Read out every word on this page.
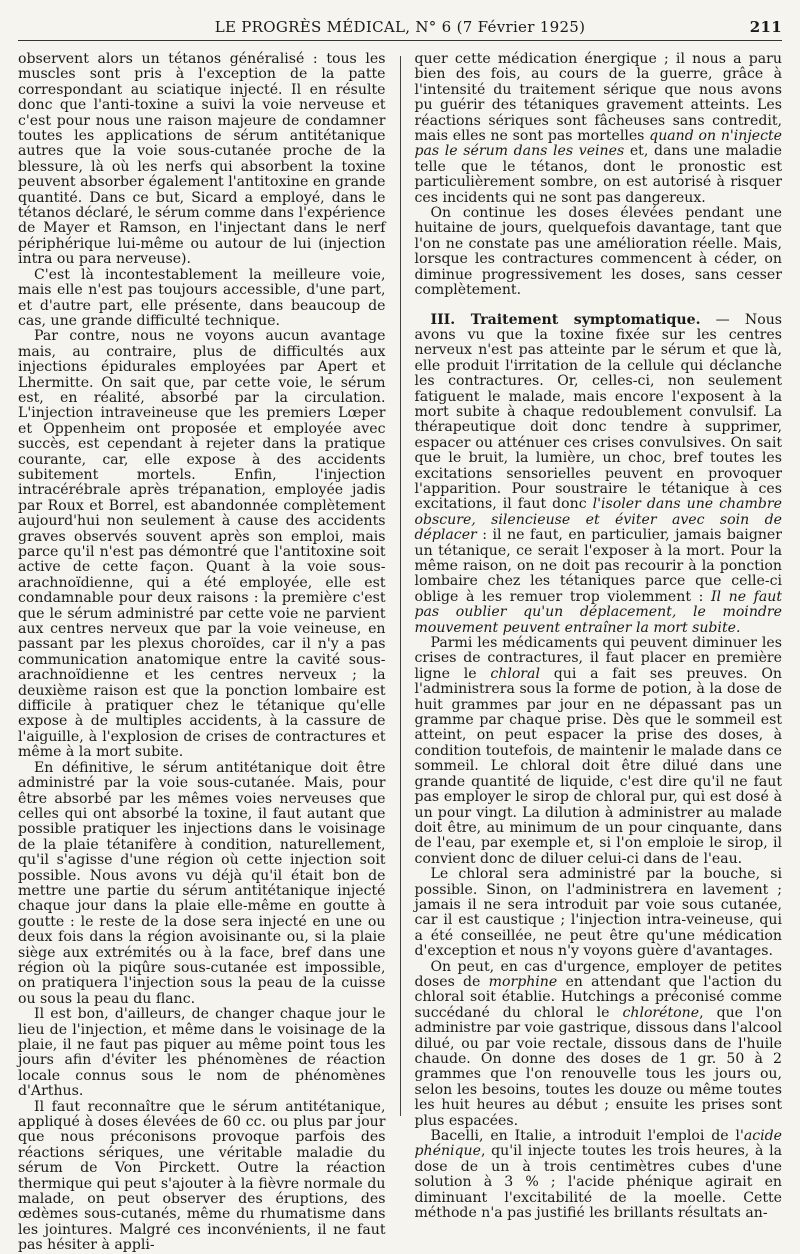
LE PROGRÈS MÉDICAL, N° 6 (7 Février 1925)	211

observent alors un tétanos généralisé : tous les muscles sont pris à l'exception de la patte correspondant au sciatique injecté. Il en résulte donc que l'anti-toxine a suivi la voie nerveuse et c'est pour nous une raison majeure de condamner toutes les applications de sérum antitétanique autres que la voie sous-cutanée proche de la blessure, là où les nerfs qui absorbent la toxine peuvent absorber également l'antitoxine en grande quantité. Dans ce but, Sicard a employé, dans le tétanos déclaré, le sérum comme dans l'expérience de Mayer et Ramson, en l'injectant dans le nerf périphérique lui-même ou autour de lui (injection intra ou para nerveuse).

C'est là incontestablement la meilleure voie, mais elle n'est pas toujours accessible, d'une part, et d'autre part, elle présente, dans beaucoup de cas, une grande difficulté technique.

Par contre, nous ne voyons aucun avantage mais, au contraire, plus de difficultés aux injections épidurales employées par Apert et Lhermitte. On sait que, par cette voie, le sérum est, en réalité, absorbé par la circulation. L'injection intraveineuse que les premiers Lœper et Oppenheim ont proposée et employée avec succès, est cependant à rejeter dans la pratique courante, car, elle expose à des accidents subitement mortels. Enfin, l'injection intracérébrale après trépanation, employée jadis par Roux et Borrel, est abandonnée complètement aujourd'hui non seulement à cause des accidents graves observés souvent après son emploi, mais parce qu'il n'est pas démontré que l'antitoxine soit active de cette façon. Quant à la voie sous-arachnoïdienne, qui a été employée, elle est condamnable pour deux raisons : la première c'est que le sérum administré par cette voie ne parvient aux centres nerveux que par la voie veineuse, en passant par les plexus choroïdes, car il n'y a pas communication anatomique entre la cavité sous-arachnoïdienne et les centres nerveux ; la deuxième raison est que la ponction lombaire est difficile à pratiquer chez le tétanique qu'elle expose à de multiples accidents, à la cassure de l'aiguille, à l'explosion de crises de contractures et même à la mort subite.

En définitive, le sérum antitétanique doit être administré par la voie sous-cutanée. Mais, pour être absorbé par les mêmes voies nerveuses que celles qui ont absorbé la toxine, il faut autant que possible pratiquer les injections dans le voisinage de la plaie tétanifère à condition, naturellement, qu'il s'agisse d'une région où cette injection soit possible. Nous avons vu déjà qu'il était bon de mettre une partie du sérum antitétanique injecté chaque jour dans la plaie elle-même en goutte à goutte : le reste de la dose sera injecté en une ou deux fois dans la région avoisinante ou, si la plaie siège aux extrémités ou à la face, bref dans une région où la piqûre sous-cutanée est impossible, on pratiquera l'injection sous la peau de la cuisse ou sous la peau du flanc.

Il est bon, d'ailleurs, de changer chaque jour le lieu de l'injection, et même dans le voisinage de la plaie, il ne faut pas piquer au même point tous les jours afin d'éviter les phénomènes de réaction locale connus sous le nom de phénomènes d'Arthus.

Il faut reconnaître que le sérum antitétanique, appliqué à doses élevées de 60 cc. ou plus par jour que nous préconisons provoque parfois des réactions sériques, une véritable maladie du sérum de Von Pirckett. Outre la réaction thermique qui peut s'ajouter à la fièvre normale du malade, on peut observer des éruptions, des œdèmes sous-cutanés, même du rhumatisme dans les jointures. Malgré ces inconvénients, il ne faut pas hésiter à appli-

quer cette médication énergique ; il nous a paru bien des fois, au cours de la guerre, grâce à l'intensité du traitement sérique que nous avons pu guérir des tétaniques gravement atteints. Les réactions sériques sont fâcheuses sans contredit, mais elles ne sont pas mortelles quand on n'injecte pas le sérum dans les veines et, dans une maladie telle que le tétanos, dont le pronostic est particulièrement sombre, on est autorisé à risquer ces incidents qui ne sont pas dangereux.

On continue les doses élevées pendant une huitaine de jours, quelquefois davantage, tant que l'on ne constate pas une amélioration réelle. Mais, lorsque les contractures commencent à céder, on diminue progressivement les doses, sans cesser complètement.

III. Traitement symptomatique. — Nous avons vu que la toxine fixée sur les centres nerveux n'est pas atteinte par le sérum et que là, elle produit l'irritation de la cellule qui déclanche les contractures. Or, celles-ci, non seulement fatiguent le malade, mais encore l'exposent à la mort subite à chaque redoublement convulsif. La thérapeutique doit donc tendre à supprimer, espacer ou atténuer ces crises convulsives. On sait que le bruit, la lumière, un choc, bref toutes les excitations sensorielles peuvent en provoquer l'apparition. Pour soustraire le tétanique à ces excitations, il faut donc l'isoler dans une chambre obscure, silencieuse et éviter avec soin de déplacer : il ne faut, en particulier, jamais baigner un tétanique, ce serait l'exposer à la mort. Pour la même raison, on ne doit pas recourir à la ponction lombaire chez les tétaniques parce que celle-ci oblige à les remuer trop violemment : Il ne faut pas oublier qu'un déplacement, le moindre mouvement peuvent entraîner la mort subite.

Parmi les médicaments qui peuvent diminuer les crises de contractures, il faut placer en première ligne le chloral qui a fait ses preuves. On l'administrera sous la forme de potion, à la dose de huit grammes par jour en ne dépassant pas un gramme par chaque prise. Dès que le sommeil est atteint, on peut espacer la prise des doses, à condition toutefois, de maintenir le malade dans ce sommeil. Le chloral doit être dilué dans une grande quantité de liquide, c'est dire qu'il ne faut pas employer le sirop de chloral pur, qui est dosé à un pour vingt. La dilution à administrer au malade doit être, au minimum de un pour cinquante, dans de l'eau, par exemple et, si l'on emploie le sirop, il convient donc de diluer celui-ci dans de l'eau.

Le chloral sera administré par la bouche, si possible. Sinon, on l'administrera en lavement ; jamais il ne sera introduit par voie sous cutanée, car il est caustique ; l'injection intra-veineuse, qui a été conseillée, ne peut être qu'une médication d'exception et nous n'y voyons guère d'avantages.

On peut, en cas d'urgence, employer de petites doses de morphine en attendant que l'action du chloral soit établie. Hutchings a préconisé comme succédané du chloral le chlorétone, que l'on administre par voie gastrique, dissous dans l'alcool dilué, ou par voie rectale, dissous dans de l'huile chaude. On donne des doses de 1 gr. 50 à 2 grammes que l'on renouvelle tous les jours ou, selon les besoins, toutes les douze ou même toutes les huit heures au début ; ensuite les prises sont plus espacées.

Bacelli, en Italie, a introduit l'emploi de l'acide phénique, qu'il injecte toutes les trois heures, à la dose de un à trois centimètres cubes d'une solution à 3 % ; l'acide phénique agirait en diminuant l'excitabilité de la moelle. Cette méthode n'a pas justifié les brillants résultats an-
